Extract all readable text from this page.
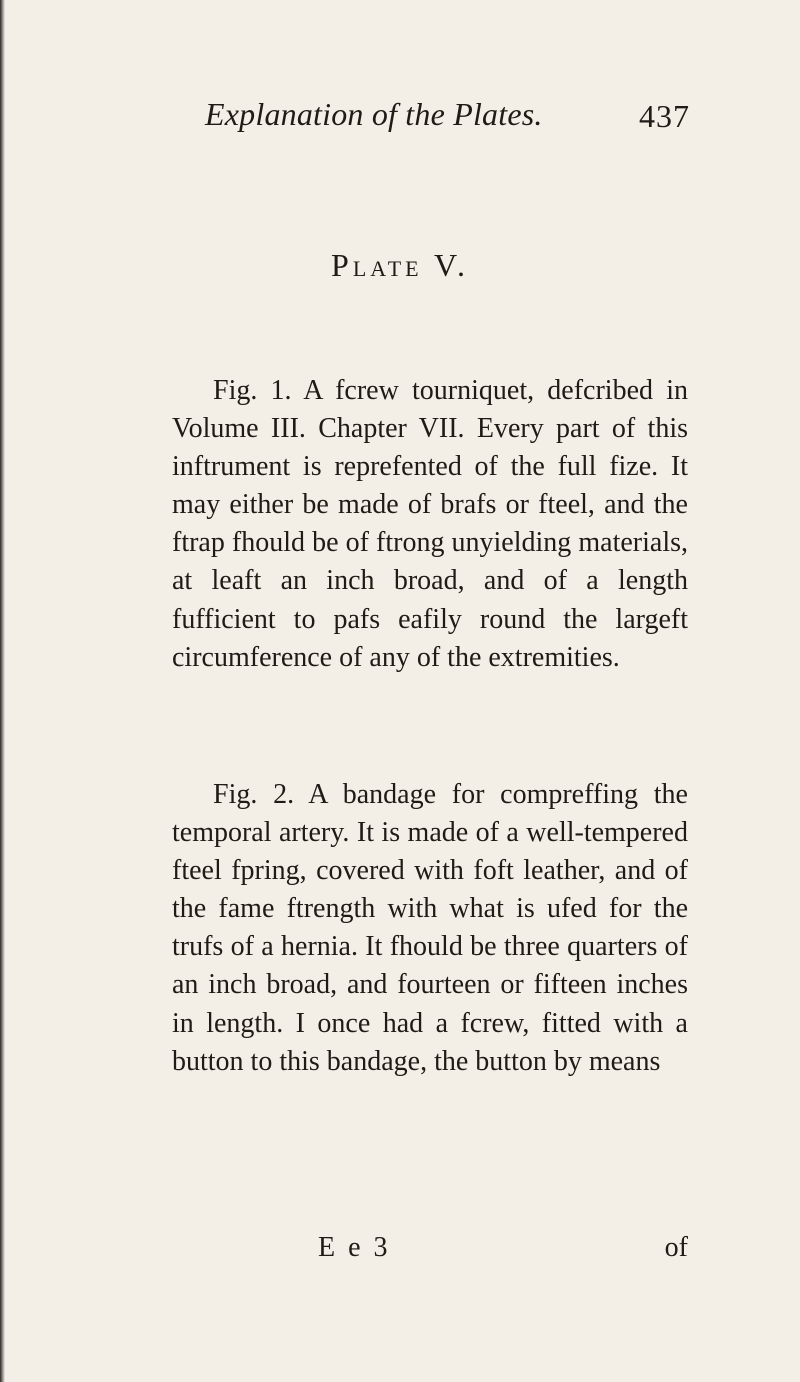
Explanation of the Plates.	437
Plate V.

Fig. 1. A fcrew tourniquet, defcribed in Volume III. Chapter VII. Every part of this inftrument is reprefented of the full fize. It may either be made of brafs or fteel, and the ftrap fhould be of ftrong unyielding materials, at leaft an inch broad, and of a length fufficient to pafs eafily round the largeft circumference of any of the extremities.

Fig. 2. A bandage for compreffing the temporal artery. It is made of a well-tempered fteel fpring, covered with foft leather, and of the fame ftrength with what is ufed for the trufs of a hernia. It fhould be three quarters of an inch broad, and fourteen or fifteen inches in length. I once had a fcrew, fitted with a button to this bandage, the button by means

E e 3	of
